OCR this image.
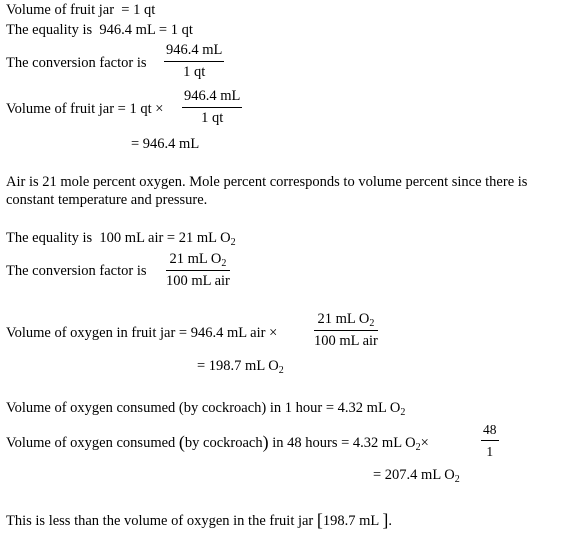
Volume of fruit jar  = 1 qt
The equality is  946.4 mL = 1 qt
The conversion factor is
946.4 mL
1 qt
Volume of fruit jar = 1 qt ×
946.4 mL
1 qt
= 946.4 mL
Air is 21 mole percent oxygen. Mole percent corresponds to volume percent since there is constant temperature and pressure.
The equality is  100 mL air = 21 mL $O_2$
The conversion factor is
21 mL $O_2$
100 mL air
Volume of oxygen in fruit jar = 946.4 mL air ×
21 mL $O_2$
100 mL air
= 198.7 mL $O_2$
Volume of oxygen consumed (by cockroach) in 1 hour = 4.32 mL $O_2$
Volume of oxygen consumed (by cockroach) in 48 hours = 4.32 mL $O_2\times$
48
1
= 207.4 mL $O_2$
This is less than the volume of oxygen in the fruit jar [198.7 mL ].
